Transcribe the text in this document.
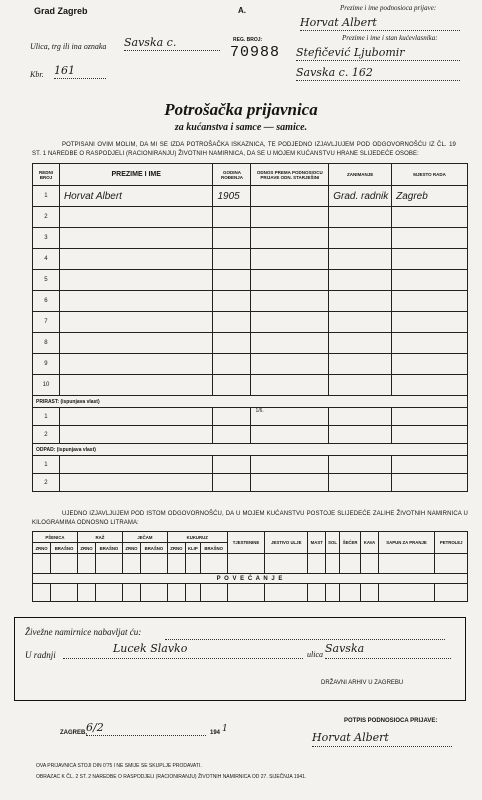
Grad Zagreb	A.
Ulica, trg ili ina oznaka Savska c.
Kbr. 161
REG. BROJ:
70988
Prezime i ime podnosioca prijave:
Horvat Albert
Prezime i ime i stan kućevlasnika:
Stefičević Ljubomir
Savska c. 162
Potrošačka prijavnica
za kućanstva i samce — samice.
POTPISANI OVIM MOLIM, DA MI SE IZDA POTROŠAČKA ISKAZNICA, TE PODJEDNO IZJAVLJUJEM POD ODGOVORNOŠĆU IZ ČL. 19 ST. 1 NAREDBE O RASPODJELI (RACIONIRANJU) ŽIVOTNIH NAMIRNICA, DA SE U MOJEM KUĆANSTVU HRANE SLIJEDEĆE OSOBE:
REDNI BROJ	PREZIME I IME	GODINA ROĐENJA	ODNOS PREMA PODNOSIOCU PRIJAVE ODN. STARJEŠINI	ZANIMANJE	MJESTO RADA
1	Horvat Albert	1905		Grad. radnik	Zagreb
2					
3					
4					
5					
6					
7					
8					
9					
10					
PRIRAST: (ispunjava vlast)					
1			1/6.		
2					
ODPAD: (ispunjava vlast)					
1					
2					
UJEDNO IZJAVLJUJEM POD ISTOM ODGOVORNOŠĆU, DA U MOJEM KUĆANSTVU POSTOJE SLIJEDEĆE ZALIHE ŽIVOTNIH NAMIRNICA U KILOGRAMIMA ODNOSNO LITRAMA:
PŠENICA		RAŽ		JEČAM		KUKURUZ			TJESTENINE	JESTIVO ULJE	MAST	SOL	ŠEĆER	KAVA	SAPUN ZA PRANJE	PETROLEJ
ZRNO	BRAŠNO	ZRNO	BRAŠNO	ZRNO	BRAŠNO	ZRNO	KLIP	BRAŠNO								

P O V E Ć A N J E																

Živežne namirnice nabavljat ću:
U radnji	Lucek Slavko	ulica Savska
DRŽAVNI ARHIV U ZAGREBU
ZAGREB, 6/2	194 1
POTPIS PODNOSIOCA PRIJAVE:
Horvat Albert
OVA PRIJAVNICA STOJI DIN 0'75 I NE SMIJE SE SKUPLJE PRODAVATI.
OBRAZAC K ČL. 2 ST. 2 NAREDBE O RASPODJELI (RACIONIRANJU) ŽIVOTNIH NAMIRNICA OD 27. SIJEČNJA 1941.
